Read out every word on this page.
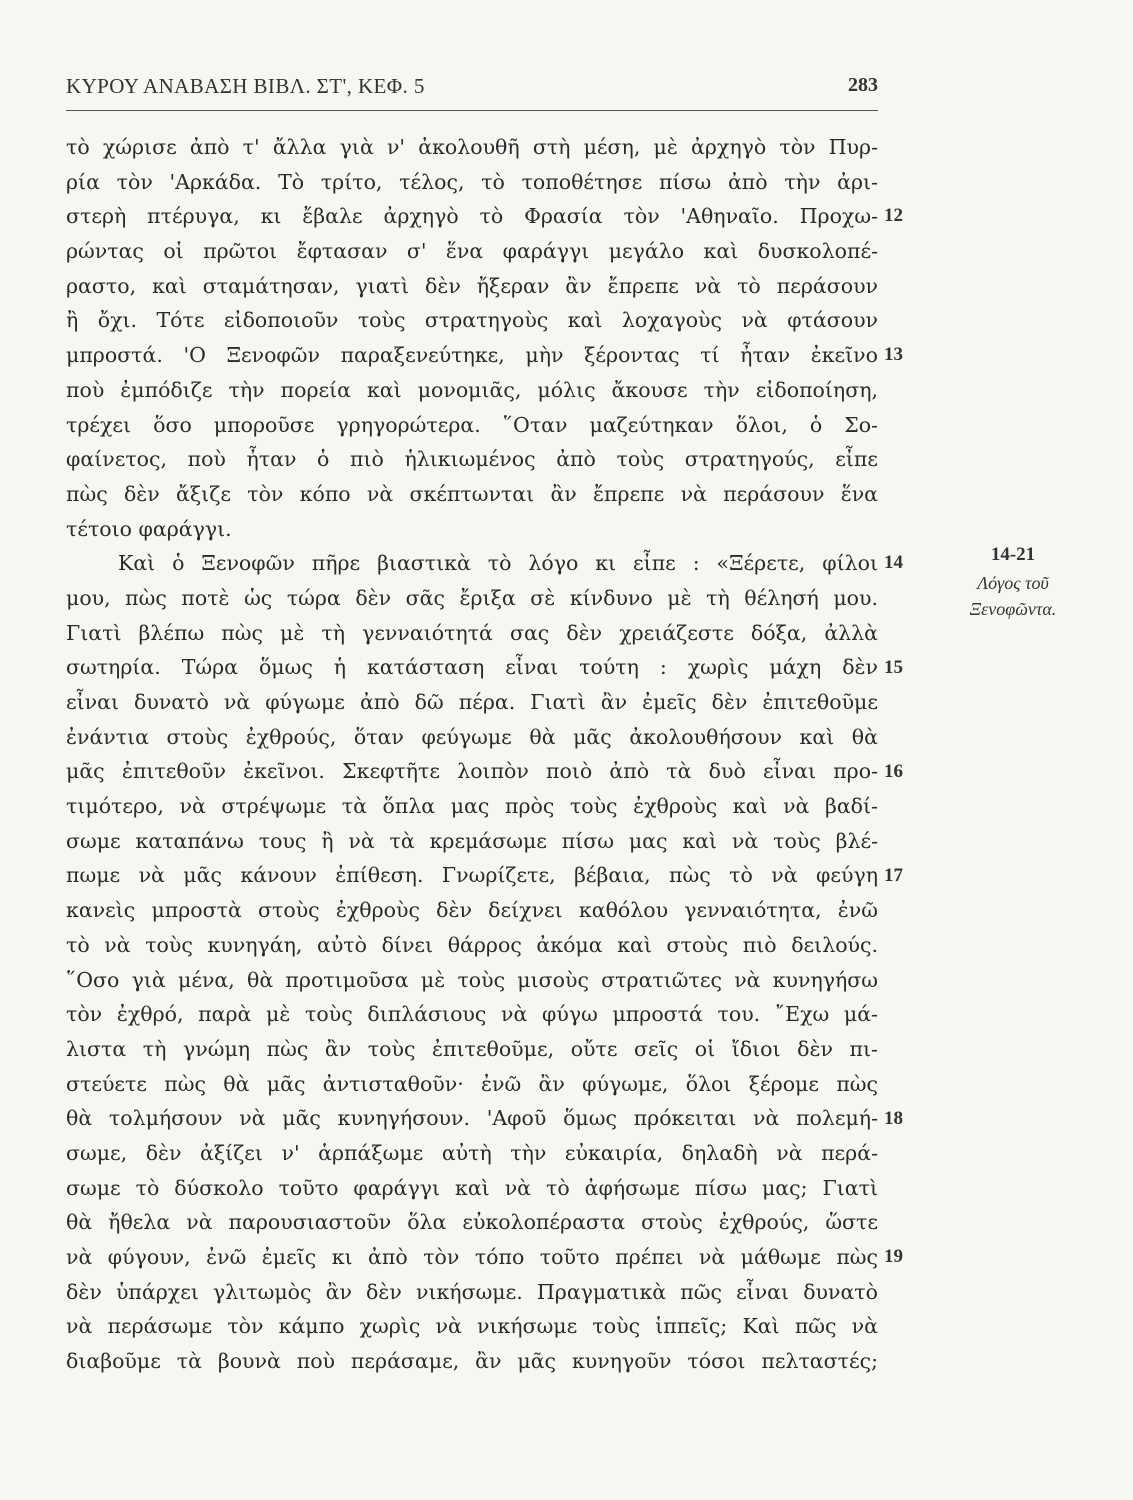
ΚΥΡΟΥ ΑΝΑΒΑΣΗ ΒΙΒΛ. ΣΤ', ΚΕΦ. 5	283
τὸ χώρισε ἀπὸ τ' ἄλλα γιὰ ν' ἀκολουθῆ στὴ μέση, μὲ ἀρχηγὸ τὸν Πυρ-
ρία τὸν 'Αρκάδα. Τὸ τρίτο, τέλος, τὸ τοποθέτησε πίσω ἀπὸ τὴν ἀρι-
στερὴ πτέρυγα, κι ἔβαλε ἀρχηγὸ τὸ Φρασία τὸν 'Αθηναῖο. Προχω-
ρώντας οἱ πρῶτοι ἔφτασαν σ' ἕνα φαράγγι μεγάλο καὶ δυσκολοπέ-
ραστο, καὶ σταμάτησαν, γιατὶ δὲν ἤξεραν ἂν ἔπρεπε νὰ τὸ περάσουν
ἢ ὄχι. Τότε εἰδοποιοῦν τοὺς στρατηγοὺς καὶ λοχαγοὺς νὰ φτάσουν
μπροστά. 'Ο Ξενοφῶν παραξενεύτηκε, μὴν ξέροντας τί ἦταν ἐκεῖνο
ποὺ ἐμπόδιζε τὴν πορεία καὶ μονομιᾶς, μόλις ἄκουσε τὴν εἰδοποίηση,
τρέχει ὅσο μποροῦσε γρηγορώτερα. ῞Οταν μαζεύτηκαν ὅλοι, ὁ Σο-
φαίνετος, ποὺ ἦταν ὁ πιὸ ἡλικιωμένος ἀπὸ τοὺς στρατηγούς, εἶπε
πὼς δὲν ἄξιζε τὸν κόπο νὰ σκέπτωνται ἂν ἔπρεπε νὰ περάσουν ἕνα
τέτοιο φαράγγι.
Καὶ ὁ Ξενοφῶν πῆρε βιαστικὰ τὸ λόγο κι εἶπε : «Ξέρετε, φίλοι
μου, πὼς ποτὲ ὡς τώρα δὲν σᾶς ἔριξα σὲ κίνδυνο μὲ τὴ θέλησή μου.
Γιατὶ βλέπω πὼς μὲ τὴ γενναιότητά σας δὲν χρειάζεστε δόξα, ἀλλὰ
σωτηρία. Τώρα ὅμως ἡ κατάσταση εἶναι τούτη : χωρὶς μάχη δὲν
εἶναι δυνατὸ νὰ φύγωμε ἀπὸ δῶ πέρα. Γιατὶ ἂν ἐμεῖς δὲν ἐπιτεθοῦμε
ἐνάντια στοὺς ἐχθρούς, ὅταν φεύγωμε θὰ μᾶς ἀκολουθήσουν καὶ θὰ
μᾶς ἐπιτεθοῦν ἐκεῖνοι. Σκεφτῆτε λοιπὸν ποιὸ ἀπὸ τὰ δυὸ εἶναι προ-
τιμότερο, νὰ στρέψωμε τὰ ὅπλα μας πρὸς τοὺς ἐχθροὺς καὶ νὰ βαδί-
σωμε καταπάνω τους ἢ νὰ τὰ κρεμάσωμε πίσω μας καὶ νὰ τοὺς βλέ-
πωμε νὰ μᾶς κάνουν ἐπίθεση. Γνωρίζετε, βέβαια, πὼς τὸ νὰ φεύγη
κανεὶς μπροστὰ στοὺς ἐχθροὺς δὲν δείχνει καθόλου γενναιότητα, ἐνῶ
τὸ νὰ τοὺς κυνηγάη, αὐτὸ δίνει θάρρος ἀκόμα καὶ στοὺς πιὸ δειλούς.
῞Οσο γιὰ μένα, θὰ προτιμοῦσα μὲ τοὺς μισοὺς στρατιῶτες νὰ κυνηγήσω
τὸν ἐχθρό, παρὰ μὲ τοὺς διπλάσιους νὰ φύγω μπροστά του. ῎Εχω μά-
λιστα τὴ γνώμη πὼς ἂν τοὺς ἐπιτεθοῦμε, οὔτε σεῖς οἱ ἴδιοι δὲν πι-
στεύετε πὼς θὰ μᾶς ἀντισταθοῦν· ἐνῶ ἂν φύγωμε, ὅλοι ξέρομε πὼς
θὰ τολμήσουν νὰ μᾶς κυνηγήσουν. 'Αφοῦ ὅμως πρόκειται νὰ πολεμή-
σωμε, δὲν ἀξίζει ν' ἁρπάξωμε αὐτὴ τὴν εὐκαιρία, δηλαδὴ νὰ περά-
σωμε τὸ δύσκολο τοῦτο φαράγγι καὶ νὰ τὸ ἀφήσωμε πίσω μας; Γιατὶ
θὰ ἤθελα νὰ παρουσιαστοῦν ὅλα εὐκολοπέραστα στοὺς ἐχθρούς, ὥστε
νὰ φύγουν, ἐνῶ ἐμεῖς κι ἀπὸ τὸν τόπο τοῦτο πρέπει νὰ μάθωμε πὼς
δὲν ὑπάρχει γλιτωμὸς ἂν δὲν νικήσωμε. Πραγματικὰ πῶς εἶναι δυνατὸ
νὰ περάσωμε τὸν κάμπο χωρὶς νὰ νικήσωμε τοὺς ἱππεῖς; Καὶ πῶς νὰ
διαβοῦμε τὰ βουνὰ ποὺ περάσαμε, ἂν μᾶς κυνηγοῦν τόσοι πελταστές;
12
13
14
15
16
17
18
19
14-21
Λόγος τοῦ
Ξενοφῶντα.
